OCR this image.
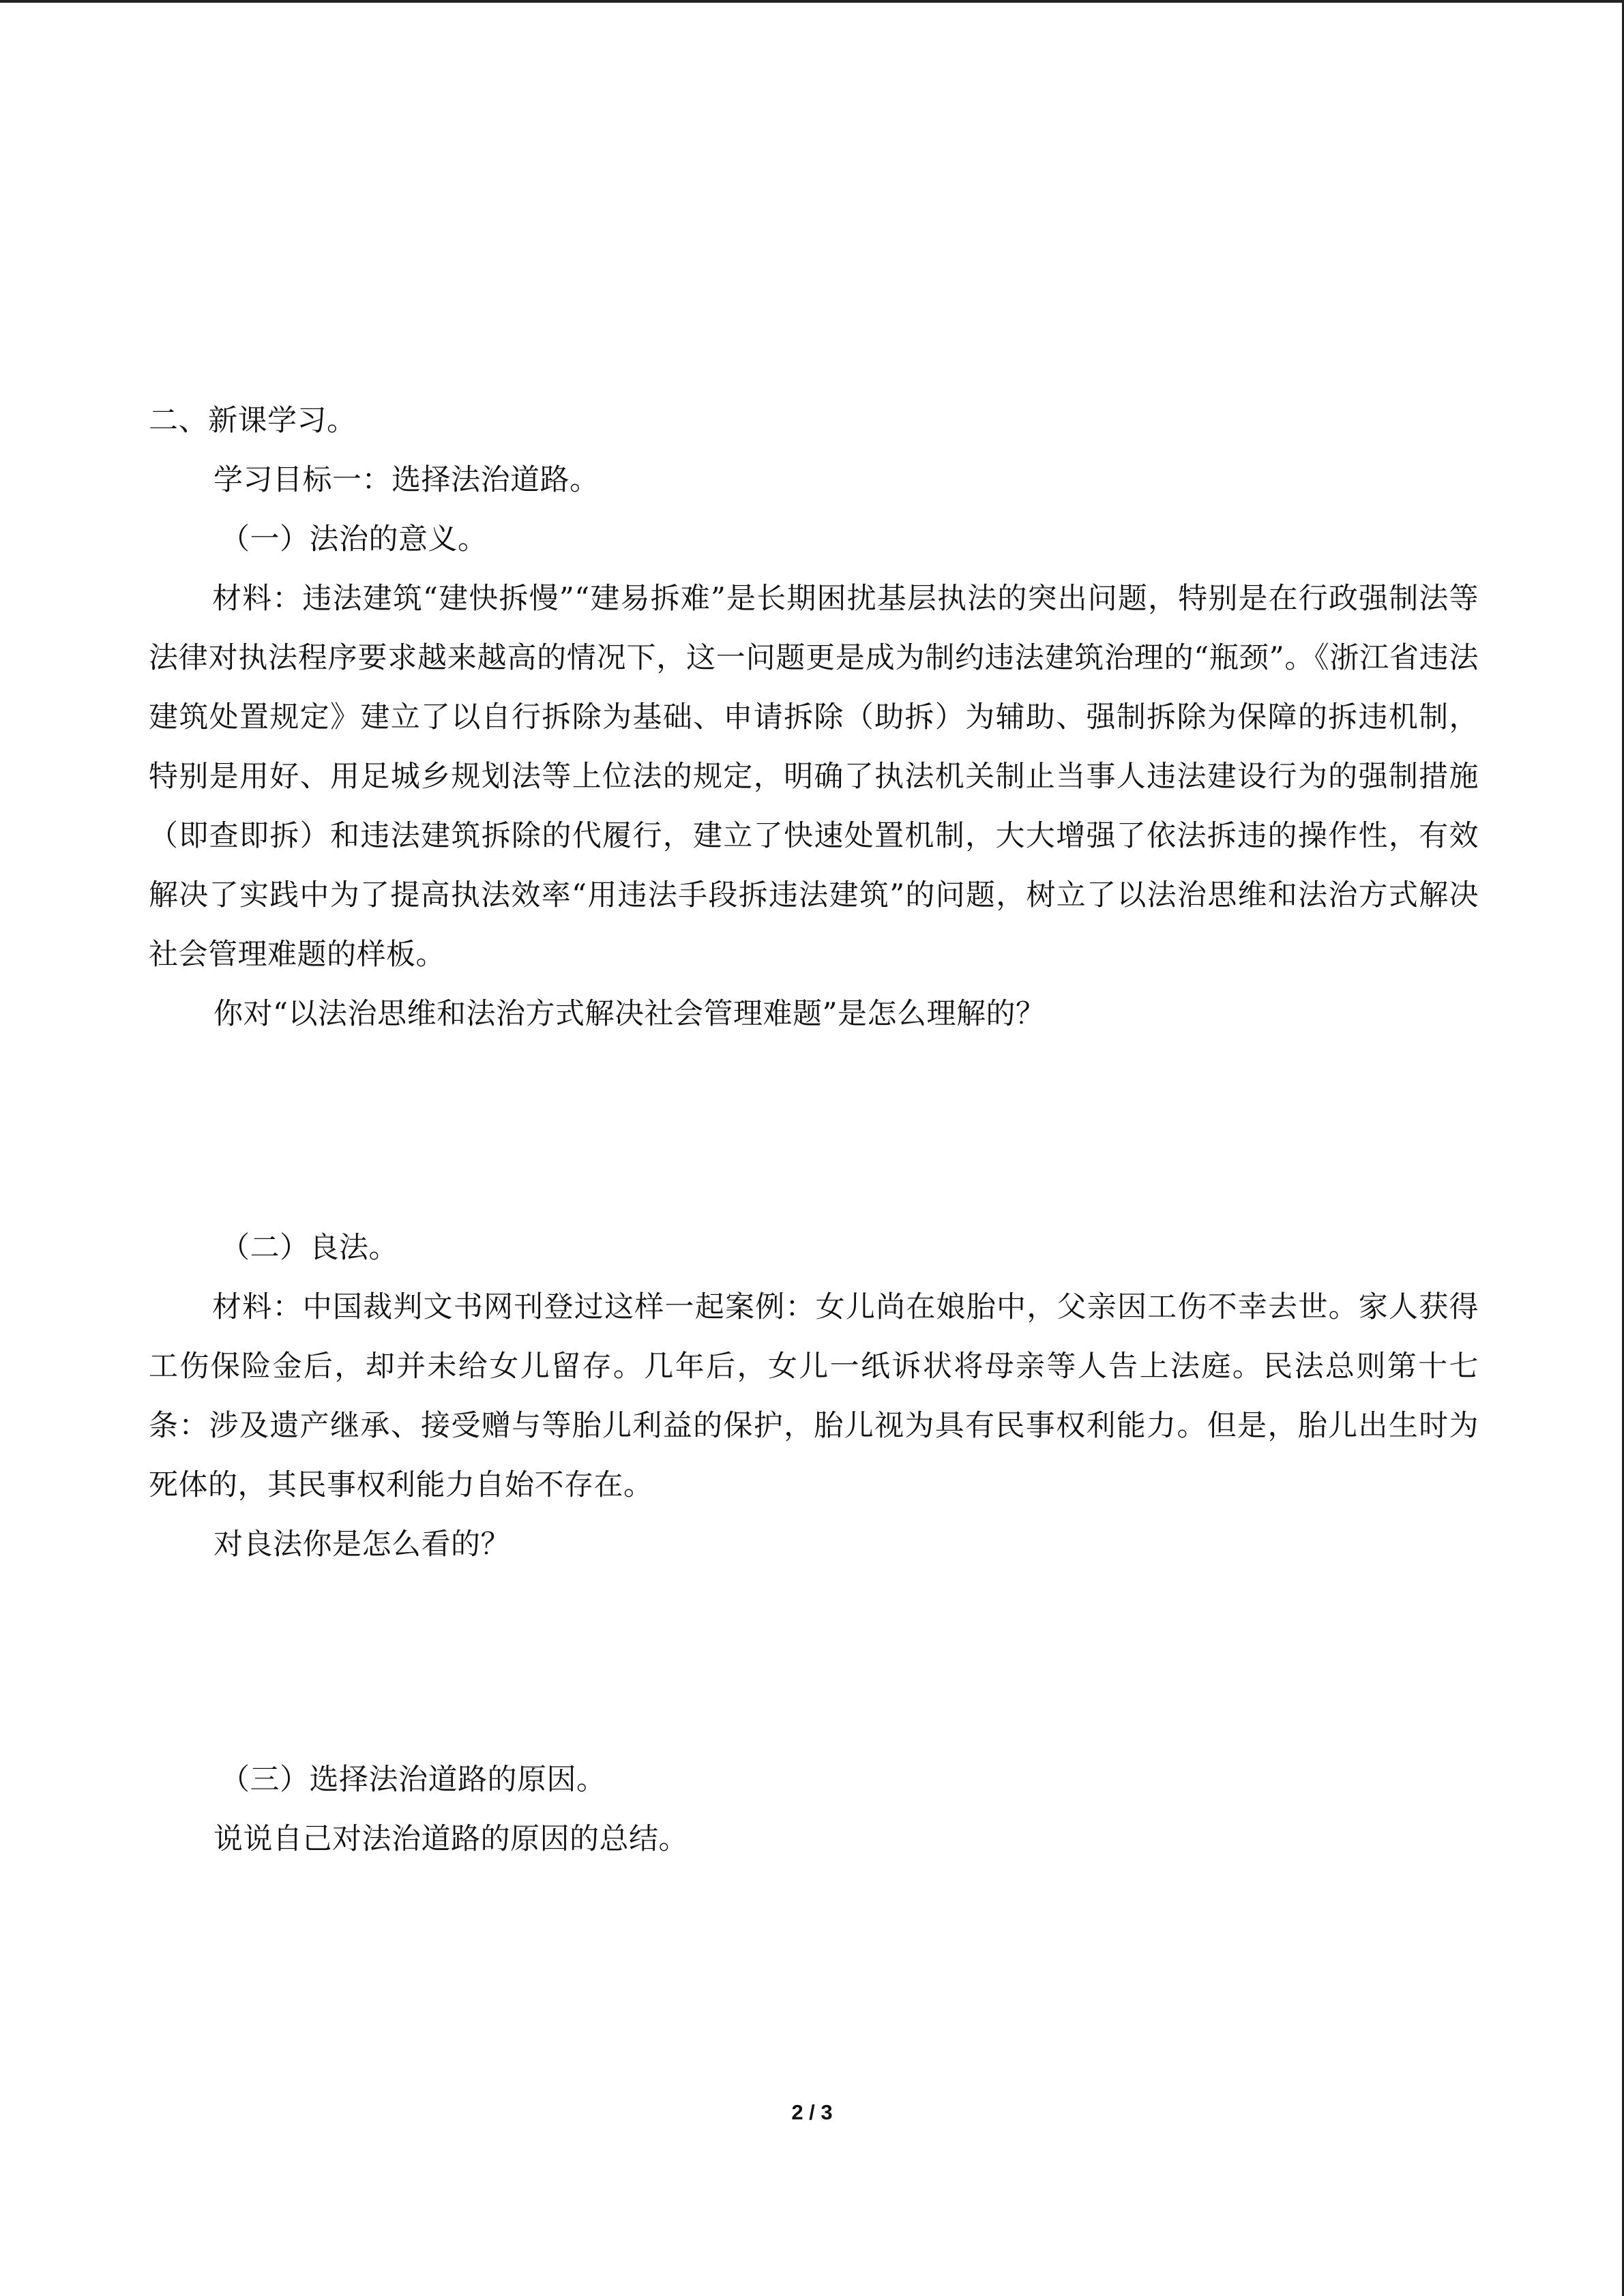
二、新课学习。
学习目标一：选择法治道路。
（一）法治的意义。

材料：违法建筑“建快拆慢”“建易拆难”是长期困扰基层执法的突出问题，特别是在行政强制法等法律对执法程序要求越来越高的情况下，这一问题更是成为制约违法建筑治理的“瓶颈”。《浙江省违法建筑处置规定》建立了以自行拆除为基础、申请拆除（助拆）为辅助、强制拆除为保障的拆违机制，特别是用好、用足城乡规划法等上位法的规定，明确了执法机关制止当事人违法建设行为的强制措施（即查即拆）和违法建筑拆除的代履行，建立了快速处置机制，大大增强了依法拆违的操作性，有效解决了实践中为了提高执法效率“用违法手段拆违法建筑”的问题，树立了以法治思维和法治方式解决社会管理难题的样板。

你对“以法治思维和法治方式解决社会管理难题”是怎么理解的？
（二）良法。

材料：中国裁判文书网刊登过这样一起案例：女儿尚在娘胎中，父亲因工伤不幸去世。家人获得工伤保险金后，却并未给女儿留存。几年后，女儿一纸诉状将母亲等人告上法庭。民法总则第十七条：涉及遗产继承、接受赠与等胎儿利益的保护，胎儿视为具有民事权利能力。但是，胎儿出生时为死体的，其民事权利能力自始不存在。

对良法你是怎么看的？
（三）选择法治道路的原因。
说说自己对法治道路的原因的总结。
2 / 3
